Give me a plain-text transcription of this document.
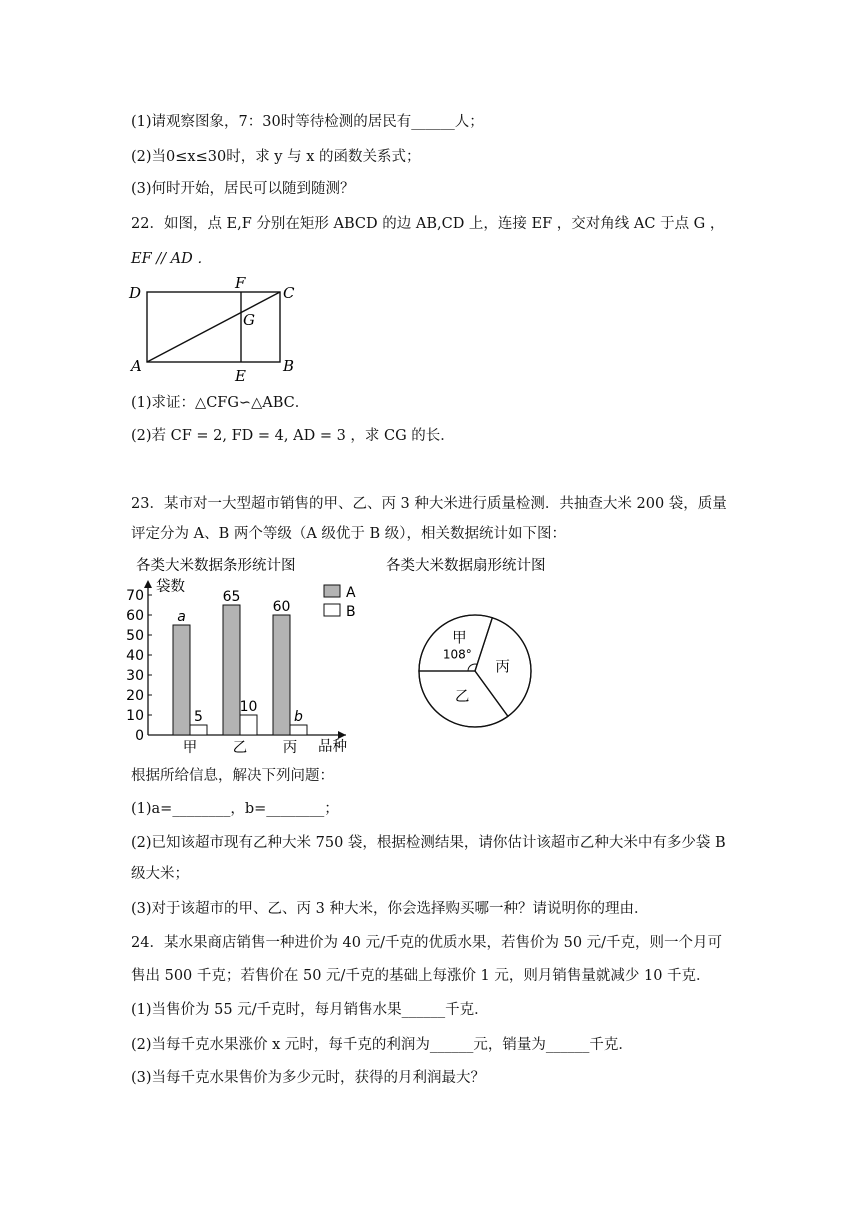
(1)请观察图象，7：30时等待检测的居民有______人；
(2)当0≤x≤30时，求 y 与 x 的函数关系式；
(3)何时开始，居民可以随到随测？
22．如图，点 E,F 分别在矩形 ABCD 的边 AB,CD 上，连接 EF ，交对角线 AC 于点 G ，
EF // AD ．
D
F
C
G
A
E
B
(1)求证：△CFG∽△ABC．
(2)若 CF = 2, FD = 4, AD = 3 ，求 CG 的长．
23．某市对一大型超市销售的甲、乙、丙 3 种大米进行质量检测．共抽查大米 200 袋，质量
评定分为 A、B 两个等级（A 级优于 B 级），相关数据统计如下图：
各类大米数据条形统计图
袋数
品种
0
10
20
30
40
50
60
70
a
5
甲
65
10
乙
60
b
丙
A
B
各类大米数据扇形统计图
甲
108°
丙
乙
根据所给信息，解决下列问题：
(1)a=________，b=________；
(2)已知该超市现有乙种大米 750 袋，根据检测结果，请你估计该超市乙种大米中有多少袋 B
级大米；
(3)对于该超市的甲、乙、丙 3 种大米，你会选择购买哪一种？请说明你的理由．
24．某水果商店销售一种进价为 40 元/千克的优质水果，若售价为 50 元/千克，则一个月可
售出 500 千克；若售价在 50 元/千克的基础上每涨价 1 元，则月销售量就减少 10 千克．
(1)当售价为 55 元/千克时，每月销售水果______千克．
(2)当每千克水果涨价 x 元时，每千克的利润为______元，销量为______千克．
(3)当每千克水果售价为多少元时，获得的月利润最大？
